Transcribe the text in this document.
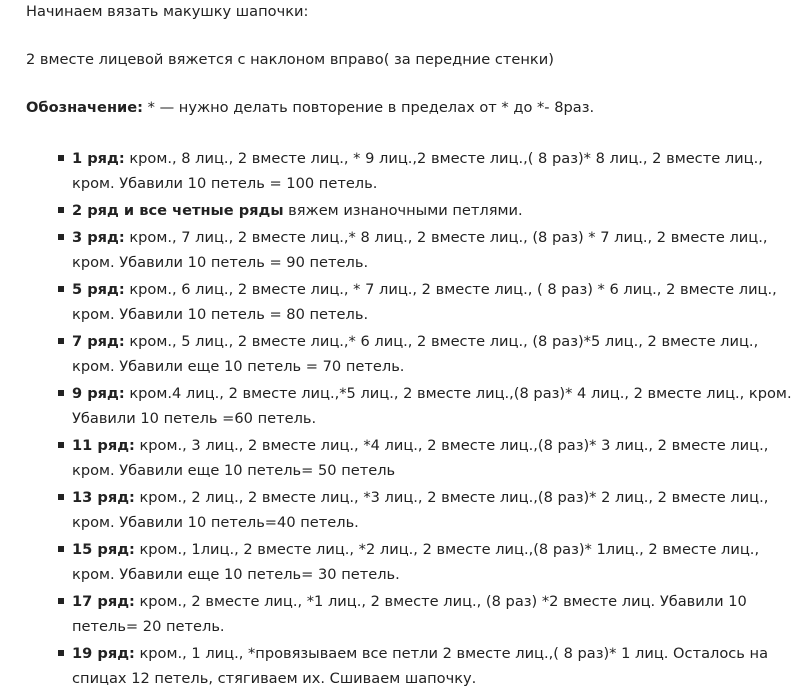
Начинаем вязать макушку шапочки:
2 вместе лицевой вяжется с наклоном вправо( за передние стенки)
Обозначение: * — нужно делать повторение в пределах от * до *- 8раз.
1 ряд: кром., 8 лиц., 2 вместе лиц., * 9 лиц.,2 вместе лиц.,( 8 раз)* 8 лиц., 2 вместе лиц., кром. Убавили 10 петель = 100 петель.
2 ряд и все четные ряды вяжем изнаночными петлями.
3 ряд: кром., 7 лиц., 2 вместе лиц.,* 8 лиц., 2 вместе лиц., (8 раз) * 7 лиц., 2 вместе лиц., кром. Убавили 10 петель = 90 петель.
5 ряд: кром., 6 лиц., 2 вместе лиц., * 7 лиц., 2 вместе лиц., ( 8 раз) * 6 лиц., 2 вместе лиц., кром. Убавили 10 петель = 80 петель.
7 ряд: кром., 5 лиц., 2 вместе лиц.,* 6 лиц., 2 вместе лиц., (8 раз)*5 лиц., 2 вместе лиц., кром. Убавили еще 10 петель = 70 петель.
9 ряд: кром.4 лиц., 2 вместе лиц.,*5 лиц., 2 вместе лиц.,(8 раз)* 4 лиц., 2 вместе лиц., кром. Убавили 10 петель =60 петель.
11 ряд: кром., 3 лиц., 2 вместе лиц., *4 лиц., 2 вместе лиц.,(8 раз)* 3 лиц., 2 вместе лиц., кром. Убавили еще 10 петель= 50 петель
13 ряд: кром., 2 лиц., 2 вместе лиц., *3 лиц., 2 вместе лиц.,(8 раз)* 2 лиц., 2 вместе лиц., кром. Убавили 10 петель=40 петель.
15 ряд: кром., 1лиц., 2 вместе лиц., *2 лиц., 2 вместе лиц.,(8 раз)* 1лиц., 2 вместе лиц., кром. Убавили еще 10 петель= 30 петель.
17 ряд: кром., 2 вместе лиц., *1 лиц., 2 вместе лиц., (8 раз) *2 вместе лиц. Убавили 10 петель= 20 петель.
19 ряд: кром., 1 лиц., *провязываем все петли 2 вместе лиц.,( 8 раз)* 1 лиц. Осталось на спицах 12 петель, стягиваем их. Сшиваем шапочку.
